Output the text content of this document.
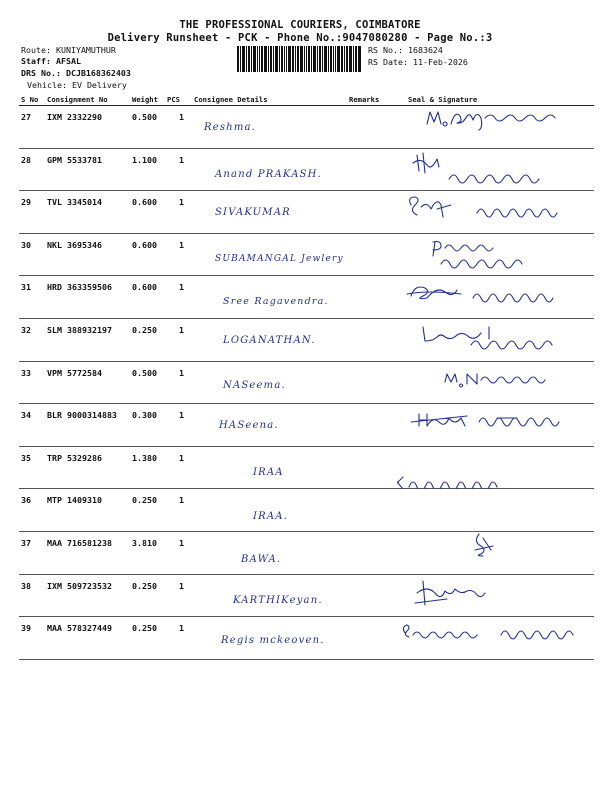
THE PROFESSIONAL COURIERS, COIMBATORE
Delivery Runsheet - PCK - Phone No.:9047080280 - Page No.:3
Route: KUNIYAMUTHUR
Staff: AFSAL
DRS No.: DCJB168362403
Vehicle: EV Delivery
RS No.: 1683624
RS Date: 11-Feb-2026
S No Consignment No	Weight PCS Consignee Details	Remarks	Seal & Signature
27 IXM 2332290	0.500	1
Reshma.
28 GPM 5533781	1.100	1
Anand PRAKASH.
29 TVL 3345014	0.600	1
SIVAKUMAR
30 NKL 3695346	0.600	1
SUBAMANGAL Jewlery
31 HRD 363359506 0.600	1
Sree Ragavendra.
32 SLM 388932197 0.250	1
LOGANATHAN.
33 VPM 5772584	0.500	1
NASeema.
34 BLR 9000314883 0.300	1
HASeena.
35 TRP 5329286	1.380	1
IRAA
36 MTP 1409310	0.250	1
IRAA.
37 MAA 716581238 3.810	1
BAWA.
38 IXM 509723532 0.250	1
KARTHIKeyan.
39 MAA 578327449 0.250	1
Regis mckeoven.
